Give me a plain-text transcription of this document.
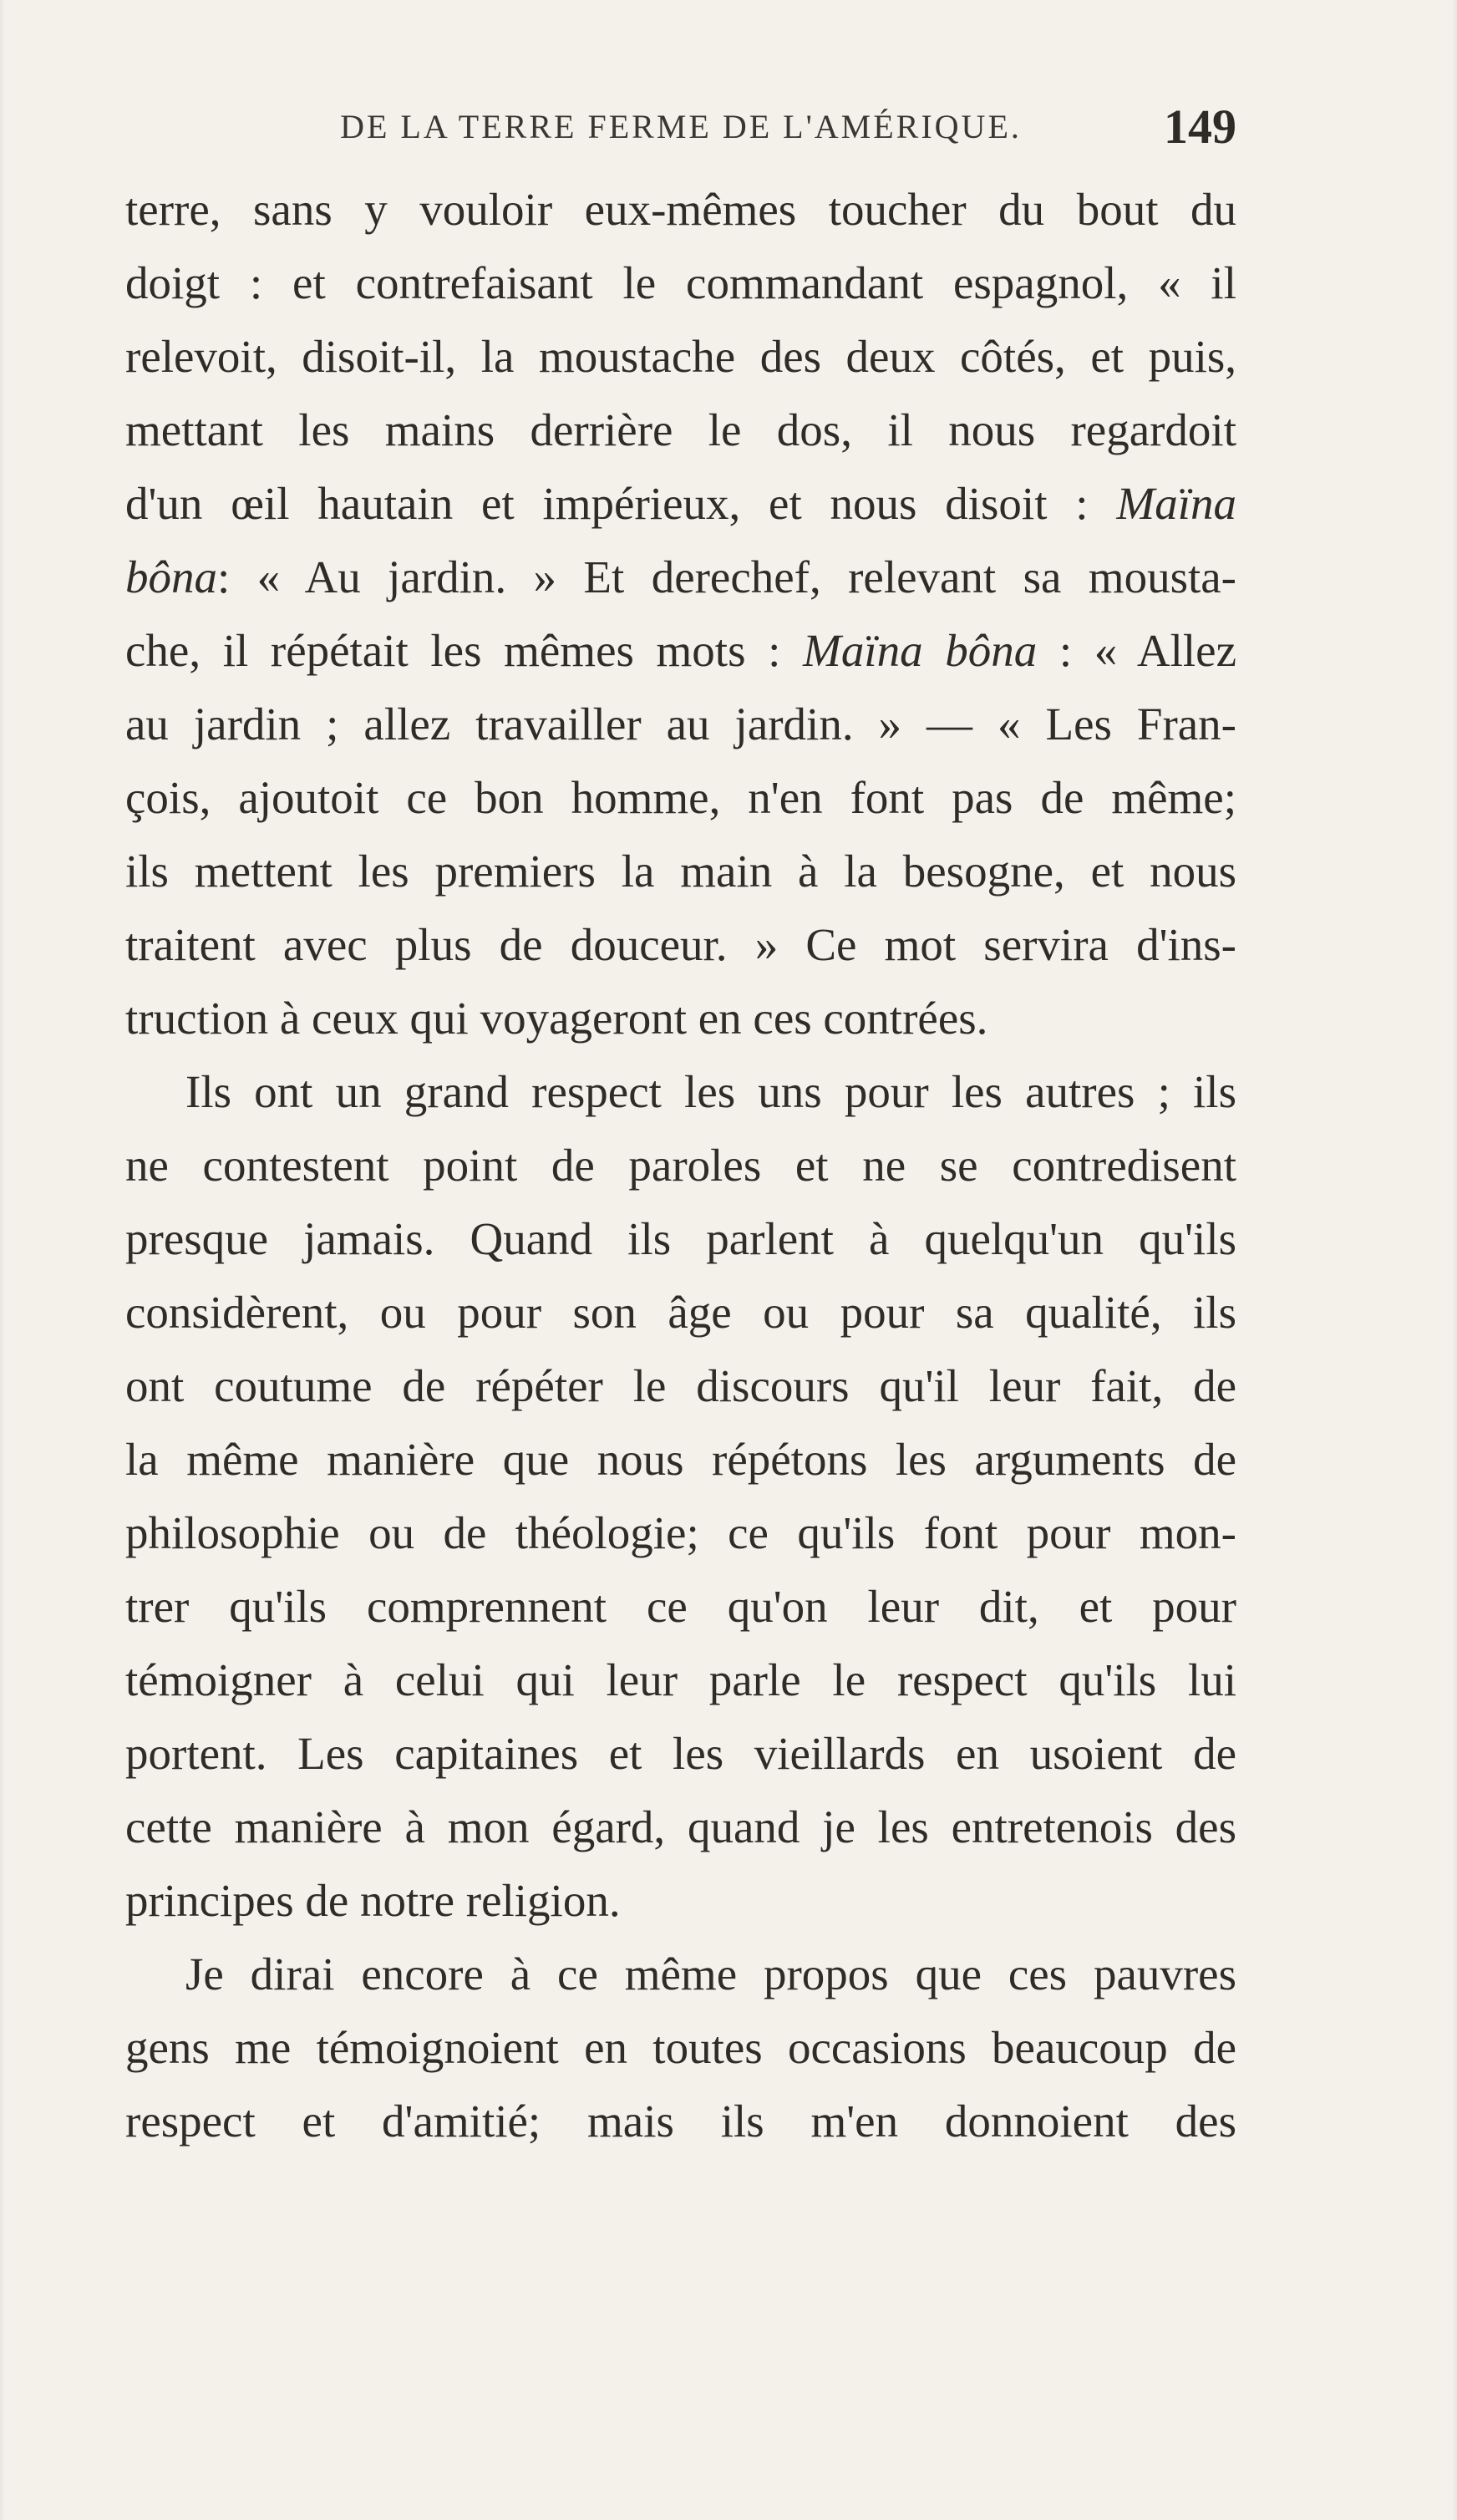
DE LA TERRE FERME DE L'AMÉRIQUE.	149
terre, sans y vouloir eux-mêmes toucher du bout du
doigt : et contrefaisant le commandant espagnol, « il
relevoit, disoit-il, la moustache des deux côtés, et puis,
mettant les mains derrière le dos, il nous regardoit
d'un œil hautain et impérieux, et nous disoit : Maïna
bôna: « Au jardin. » Et derechef, relevant sa mousta-
che, il répétait les mêmes mots : Maïna bôna : « Allez
au jardin ; allez travailler au jardin. » — « Les Fran-
çois, ajoutoit ce bon homme, n'en font pas de même;
ils mettent les premiers la main à la besogne, et nous
traitent avec plus de douceur. » Ce mot servira d'ins-
truction à ceux qui voyageront en ces contrées.
Ils ont un grand respect les uns pour les autres ; ils
ne contestent point de paroles et ne se contredisent
presque jamais. Quand ils parlent à quelqu'un qu'ils
considèrent, ou pour son âge ou pour sa qualité, ils
ont coutume de répéter le discours qu'il leur fait, de
la même manière que nous répétons les arguments de
philosophie ou de théologie; ce qu'ils font pour mon-
trer qu'ils comprennent ce qu'on leur dit, et pour
témoigner à celui qui leur parle le respect qu'ils lui
portent. Les capitaines et les vieillards en usoient de
cette manière à mon égard, quand je les entretenois des
principes de notre religion.
Je dirai encore à ce même propos que ces pauvres
gens me témoignoient en toutes occasions beaucoup de
respect et d'amitié; mais ils m'en donnoient des
